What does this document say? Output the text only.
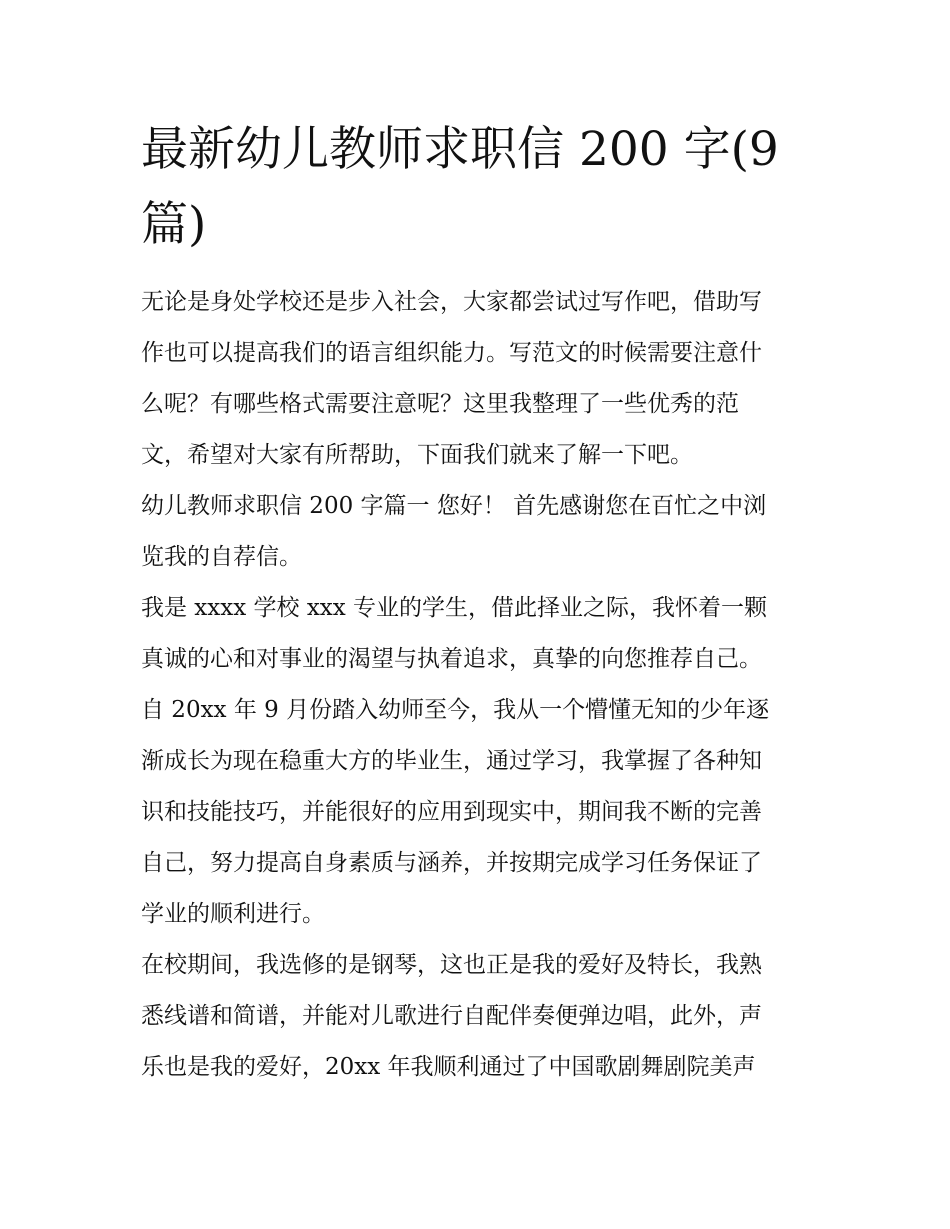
最新幼儿教师求职信 200 字(9
篇)

无论是身处学校还是步入社会，大家都尝试过写作吧，借助写
作也可以提高我们的语言组织能力。写范文的时候需要注意什
么呢？有哪些格式需要注意呢？这里我整理了一些优秀的范
文，希望对大家有所帮助，下面我们就来了解一下吧。

幼儿教师求职信 200 字篇一 您好！ 首先感谢您在百忙之中浏
览我的自荐信。

我是 xxxx 学校 xxx 专业的学生，借此择业之际，我怀着一颗
真诚的心和对事业的渴望与执着追求，真挚的向您推荐自己。
自 20xx 年 9 月份踏入幼师至今，我从一个懵懂无知的少年逐
渐成长为现在稳重大方的毕业生，通过学习，我掌握了各种知
识和技能技巧，并能很好的应用到现实中，期间我不断的完善
自己，努力提高自身素质与涵养，并按期完成学习任务保证了
学业的顺利进行。

在校期间，我选修的是钢琴，这也正是我的爱好及特长，我熟
悉线谱和简谱，并能对儿歌进行自配伴奏便弹边唱，此外，声
乐也是我的爱好，20xx 年我顺利通过了中国歌剧舞剧院美声
